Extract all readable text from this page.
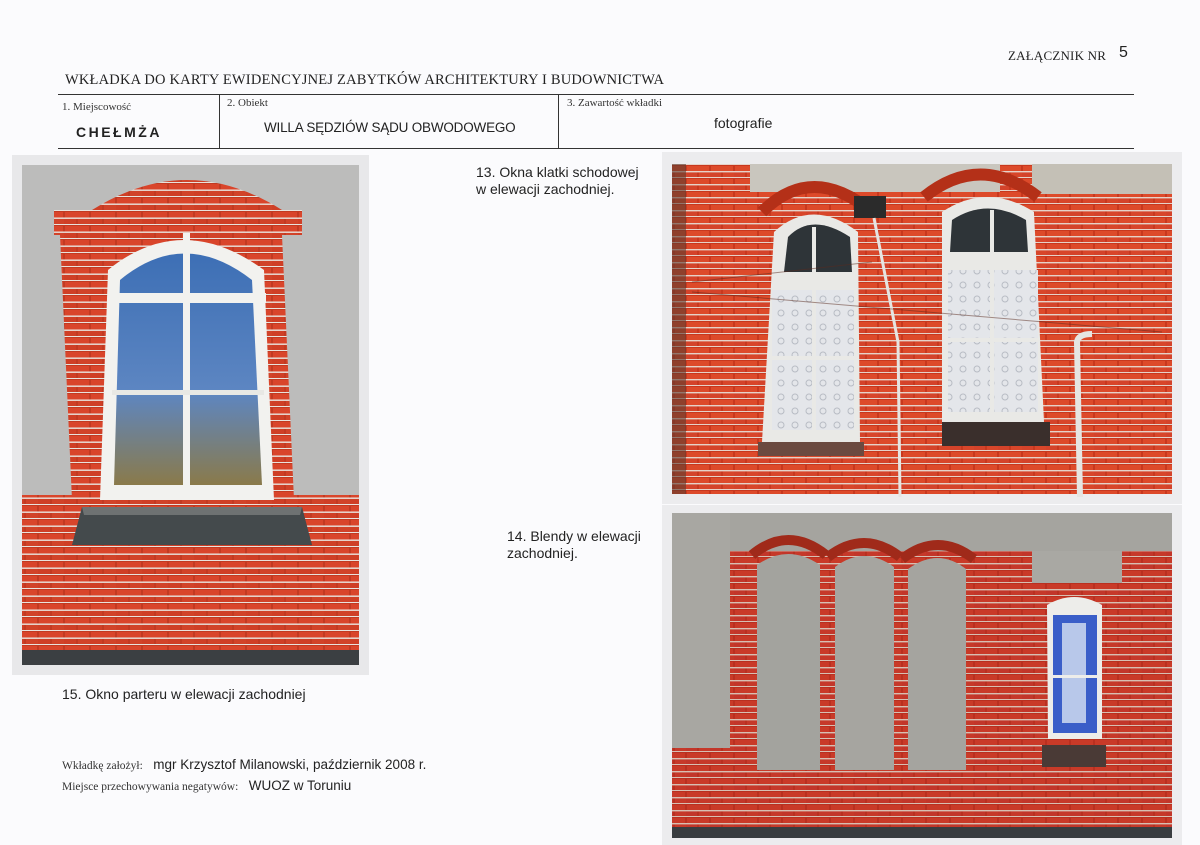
ZAŁĄCZNIK NR 5
WKŁADKA DO KARTY EWIDENCYJNEJ ZABYTKÓW ARCHITEKTURY I BUDOWNICTWA
1. Miejscowość
CHEŁMŻA
2. Obiekt
WILLA SĘDZIÓW SĄDU OBWODOWEGO
3. Zawartość wkładki
fotografie
15. Okno parteru w elewacji zachodniej
13. Okna klatki schodowej
w elewacji zachodniej.
14. Blendy w elewacji
zachodniej.
Wkładkę założył: mgr Krzysztof Milanowski, październik 2008 r.
Miejsce przechowywania negatywów: WUOZ w Toruniu
